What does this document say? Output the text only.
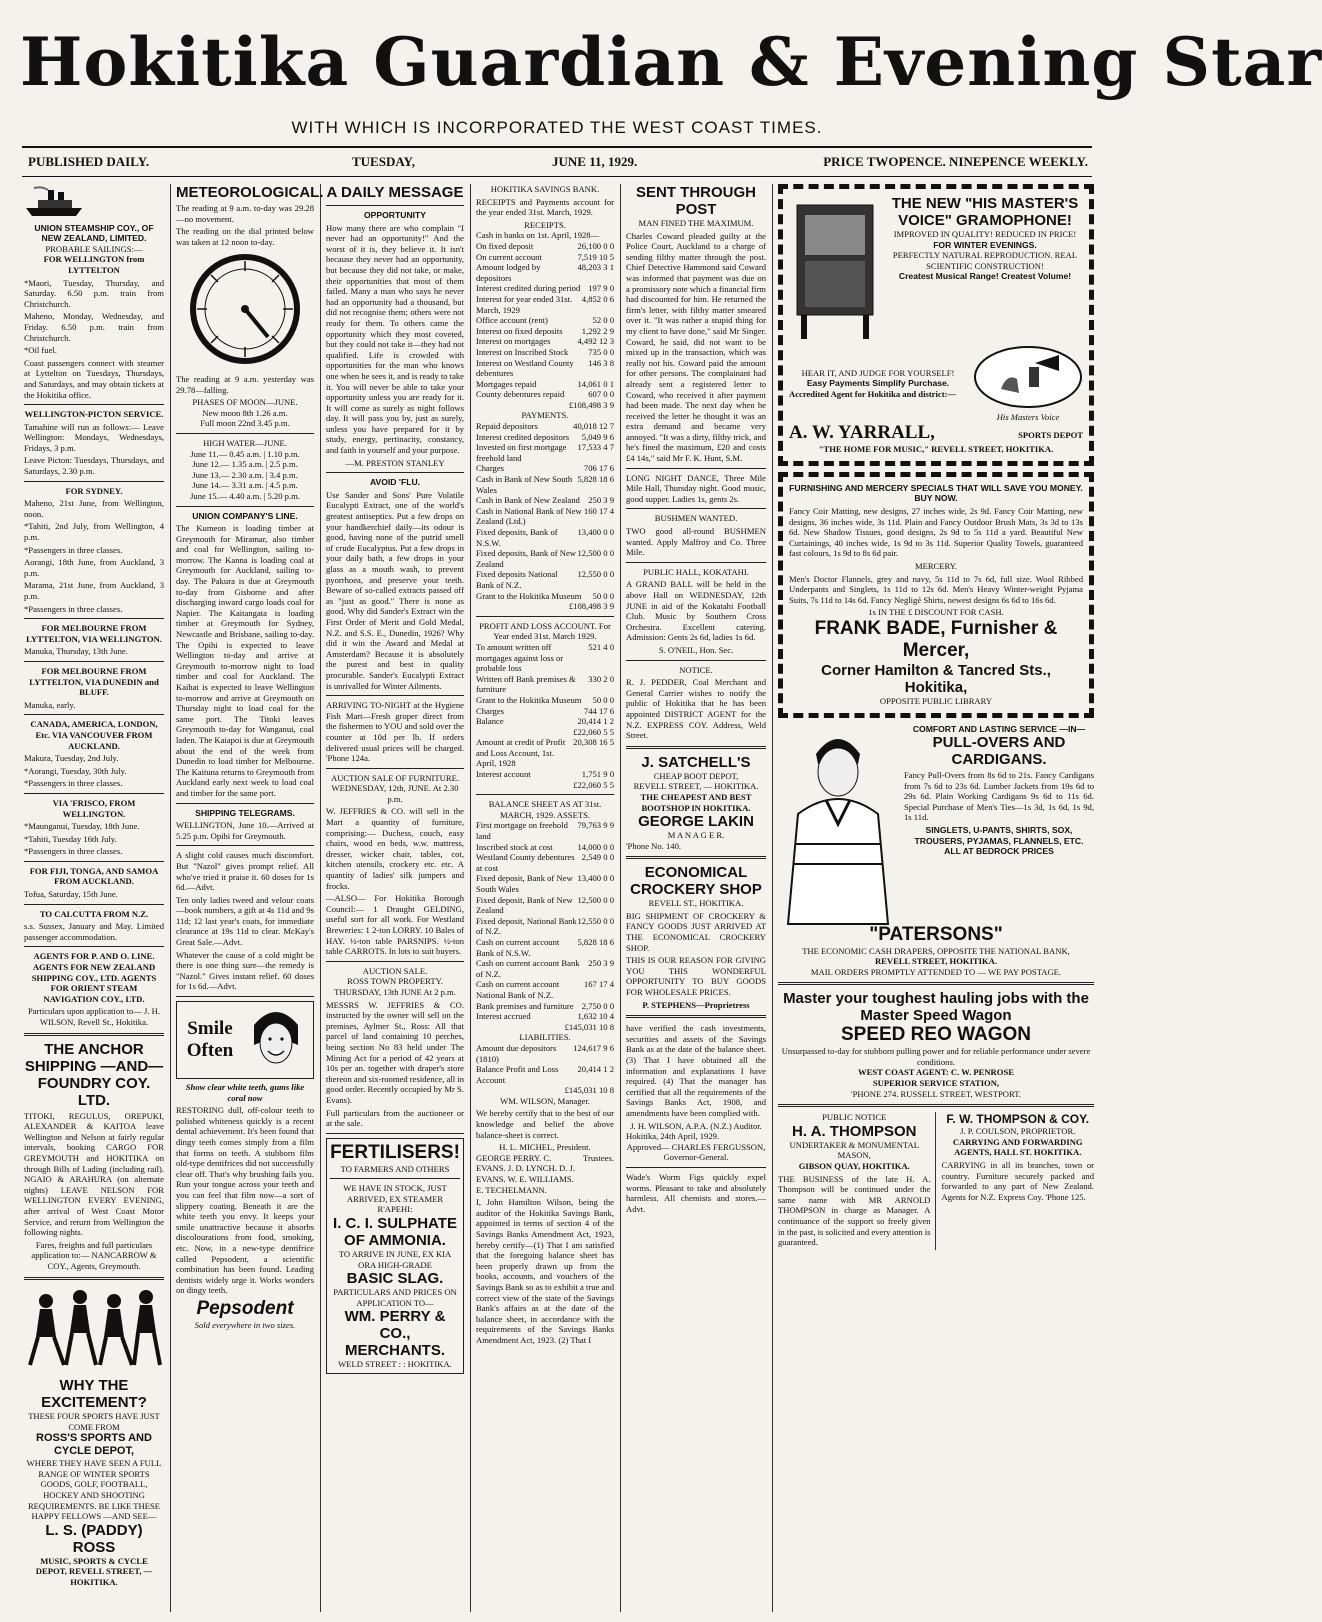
Hokitika Guardian & Evening Star
WITH WHICH IS INCORPORATED THE WEST COAST TIMES.
PUBLISHED DAILY.	TUESDAY,	JUNE 11, 1929.	PRICE TWOPENCE. NINEPENCE WEEKLY.
UNION STEAMSHIP COY., OF NEW ZEALAND, LIMITED.
PROBABLE SAILINGS:—
FOR WELLINGTON from LYTTELTON

*Maori, Tuesday, Thursday, and Saturday. 6.50 p.m. train from Christchurch.

Maheno, Monday, Wednesday, and Friday. 6.50 p.m. train from Christchurch.

*Oil fuel.

Coast passengers connect with steamer at Lyttelton on Tuesdays, Thursdays, and Saturdays, and may obtain tickets at the Hokitika office.

WELLINGTON-PICTON SERVICE.

Tamahine will run as follows:— Leave Wellington: Mondays, Wednesdays, Fridays, 3 p.m.

Leave Picton: Tuesdays, Thursdays, and Saturdays, 2.30 p.m.

FOR SYDNEY.

Maheno, 21st June, from Wellington, noon.

*Tahiti, 2nd July, from Wellington, 4 p.m.

*Passengers in three classes.

Aorangi, 18th June, from Auckland, 3 p.m.

Marama, 21st June, from Auckland, 3 p.m.

*Passengers in three classes.

FOR MELBOURNE FROM LYTTELTON, VIA WELLINGTON.

Manuka, Thursday, 13th June.

FOR MELBOURNE FROM LYTTELTON, VIA DUNEDIN and BLUFF.

Manuka, early.

CANADA, AMERICA, LONDON, Etc. VIA VANCOUVER FROM AUCKLAND.

Makura, Tuesday, 2nd July.

*Aorangi, Tuesday, 30th July.

*Passengers in three classes.

VIA 'FRISCO, FROM WELLINGTON.

*Maunganui, Tuesday, 18th June.

*Tahiti, Tuesday 16th July.

*Passengers in three classes.

FOR FIJI, TONGA, AND SAMOA FROM AUCKLAND.

Tofua, Saturday, 15th June.

TO CALCUTTA FROM N.Z.

s.s. Sussex, January and May. Limited passenger accommodation.

AGENTS FOR P. AND O. LINE. AGENTS FOR NEW ZEALAND SHIPPING COY., LTD. AGENTS FOR ORIENT STEAM NAVIGATION COY., LTD.

Particulars upon application to— J. H. WILSON, Revell St., Hokitika.

THE ANCHOR SHIPPING —AND— FOUNDRY COY. LTD.

TITOKI, REGULUS, OREPUKI, ALEXANDER & KAITOA leave Wellington and Nelson at fairly regular intervals, booking CARGO FOR GREYMOUTH and HOKITIKA on through Bills of Lading (including rail). NGAIO & ARAHURA (on alternate nights) LEAVE NELSON FOR WELLINGTON EVERY EVENING, after arrival of West Coast Motor Service, and return from Wellington the following nights.

Fares, freights and full particulars application to:— NANCARROW & COY., Agents, Greymouth.

WHY THE EXCITEMENT?
THESE FOUR SPORTS HAVE JUST COME FROM
ROSS'S SPORTS AND CYCLE DEPOT,
WHERE THEY HAVE SEEN A FULL RANGE OF WINTER SPORTS GOODS, GOLF, FOOTBALL, HOCKEY AND SHOOTING REQUIREMENTS. BE LIKE THESE HAPPY FELLOWS —AND SEE—
L. S. (PADDY) ROSS
MUSIC, SPORTS & CYCLE DEPOT, REVELL STREET, — HOKITIKA.
METEOROLOGICAL.

The reading at 9 a.m. to-day was 29.28—no movement.

The reading on the dial printed below was taken at 12 noon to-day.

The reading at 9 a.m. yesterday was 29.78—falling.

PHASES OF MOON—JUNE.
New moon 8th 1.26 a.m.
Full moon 22nd 3.45 p.m.
HIGH WATER—JUNE.
June 11.— 0.45 a.m. | 1.10 p.m.
June 12.— 1.35 a.m. | 2.5 p.m.
June 13.— 2.30 a.m. | 3.4 p.m.
June 14.— 3.31 a.m. | 4.5 p.m.
June 15.— 4.40 a.m. | 5.20 p.m.
UNION COMPANY'S LINE.

The Kumeon is loading timber at Greymouth for Miramar, also timber and coal for Wellington, sailing to-morrow. The Kanna is loading coal at Greymouth for Auckland, sailing to-day. The Pakura is due at Greymouth to-day from Gisborne and after discharging inward cargo loads coal for Napier. The Kaitangata is loading timber at Greymouth for Sydney, Newcastle and Brisbane, sailing to-day. The Opihi is expected to leave Wellington to-day and arrive at Greymouth to-morrow night to load timber and coal for Auckland. The Kaihai is expected to leave Wellington to-morrow and arrive at Greymouth on Thursday night to load coal for the same port. The Titoki leaves Greymouth to-day for Wanganui, coal laden. The Kaiapoi is due at Greymouth about the end of the week from Dunedin to load timber for Melbourne. The Kaituna returns to Greymouth from Auckland early next week to load coal and timber for the same port.

SHIPPING TELEGRAMS.

WELLINGTON, June 10.—Arrived at 5.25 p.m. Opihi for Greymouth.

A slight cold causes much discomfort. But "Nazol" gives prompt relief. All who've tried it praise it. 60 doses for 1s 6d.—Advt.

Ten only ladies tweed and velour coats—book numbers, a gift at 4s 11d and 9s 11d; 12 last year's coats, for immediate clearance at 19s 11d to clear. McKay's Great Sale.—Advt.

Whatever the cause of a cold might be there is one thing sure—the remedy is "Nazol." Gives instant relief. 60 doses for 1s 6d.—Advt.

Smile Often
Show clear white teeth, gums like coral now

RESTORING dull, off-colour teeth to polished whiteness quickly is a recent dental achievement. It's been found that dingy teeth comes simply from a film that forms on teeth. A stubborn film old-type dentifrices did not successfully clear off. That's why brushing fails you. Run your tongue across your teeth and you can feel that film now—a sort of slippery coating. Beneath it are the white teeth you envy. It keeps your smile unattractive because it absorbs discolourations from food, smoking, etc. Now, in a new-type dentifrice called Pepsodent, a scientific combination has been found. Leading dentists widely urge it. Works wonders on dingy teeth.

Pepsodent
Sold everywhere in two sizes.
A DAILY MESSAGE
OPPORTUNITY

How many there are who complain "I never had an opportunity!" And the worst of it is, they believe it. It isn't because they never had an opportunity, but because they did not take, or make, their opportunities that most of them failed. Many a man who says he never had an opportunity had a thousand, but did not recognise them; others were not ready for them. To others came the opportunity which they most coveted, but they could not take it—they had not qualified. Life is crowded with opportunities for the man who knows one when he sees it, and is ready to take it. You will never be able to take your opportunity unless you are ready for it. It will come as surely as night follows day. It will pass you by, just as surely, unless you have prepared for it by study, energy, pertinacity, constancy, and faith in yourself and your purpose.

—M. PRESTON STANLEY
AVOID 'FLU.

Use Sander and Sons' Pure Volatile Eucalypti Extract, one of the world's greatest antiseptics. Put a few drops on your handkerchief daily—its odour is good, having none of the putrid smell of crude Eucalyptus. Put a few drops in your daily bath, a few drops in your glass as a mouth wash, to prevent pyorrhoea, and preserve your teeth. Beware of so-called extracts passed off as "just as good." There is none as good. Why did Sander's Extract win the First Order of Merit and Gold Medal, N.Z. and S.S. E., Dunedin, 1926? Why did it win the Award and Medal at Amsterdam? Because it is absolutely the purest and best in quality procurable. Sander's Eucalypti Extract is unrivalled for Winter Ailments.

ARRIVING TO-NIGHT at the Hygiene Fish Mart—Fresh groper direct from the fishermen to YOU and sold over the counter at 10d per lb. If orders delivered usual prices will be charged. 'Phone 124a.

AUCTION SALE OF FURNITURE.
WEDNESDAY, 12th, JUNE. At 2.30 p.m.

W. JEFFRIES & CO. will sell in the Mart a quantity of furniture, comprising:— Duchess, couch, easy chairs, wood en beds, w.w. mattress, dresser, wicker chair, tables, cot, kitchen utensils, crockery etc. etc. A quantity of ladies' silk jumpers and frocks.

—ALSO— For Hokitika Borough Council:— 1 Draught GELDING, useful sort for all work. For Westland Breweries: 1 2-ton LORRY. 10 Bales of HAY. ½-ton table PARSNIPS. ½-ton table CARROTS. In lots to suit buyers.

AUCTION SALE.
ROSS TOWN PROPERTY.
THURSDAY, 13th JUNE At 2 p.m.

MESSRS W. JEFFRIES & CO. instructed by the owner will sell on the premises, Aylmer St., Ross: All that parcel of land containing 10 perches, being section No 83 held under The Mining Act for a period of 42 years at 10s per an. together with draper's store thereon and six-roomed residence, all in good order. Recently occupied by Mr S. Evans).

Full particulars from the auctioneer or at the sale.

FERTILISERS!
TO FARMERS AND OTHERS
WE HAVE IN STOCK, JUST ARRIVED, EX STEAMER R'APEHI:
I. C. I. SULPHATE OF AMMONIA.
TO ARRIVE IN JUNE, EX KIA ORA HIGH-GRADE
BASIC SLAG.
PARTICULARS AND PRICES ON APPLICATION TO—
WM. PERRY & CO., MERCHANTS.
WELD STREET : : HOKITIKA.
HOKITIKA SAVINGS BANK.

RECEIPTS and Payments account for the year ended 31st. March, 1929.

RECEIPTS.
Cash in banks on 1st. April, 1928—
On fixed deposit	26,100 0 0
On current account	7,519 10 5
Amount lodged by depositors
48,203 3 1
Interest credited during period 197 9 0
Interest for year ended 31st. March, 1929
4,852 0 6
Office account (rent)	52 0 0
Interest on fixed deposits 1,292 2 9
Interest on mortgages	4,492 12 3
Interest on Inscribed Stock 735 0 0
Interest on Westland County debentures
146 3 8
Mortgages repaid	14,061 0 1
County debentures repaid	607 0 0
£108,498 3 9
PAYMENTS.
Repaid depositors	40,018 12 7
Interest credited depositors 5,049 9 6
Invested on first mortgage freehold land
17,533 4 7
Charges	706 17 6
Cash in Bank of New South Wales
5,828 18 6
Cash in Bank of New Zealand 250 3 9
Cash in National Bank of New Zealand (Ltd.)
160 17 4
Fixed deposits, Bank of N.S.W.
13,400 0 0
Fixed deposits, Bank of New Zealand
12,500 0 0
Fixed deposits National Bank of N.Z.
12,550 0 0
Grant to the Hokitika Museum 50 0 0
£108,498 3 9
PROFIT AND LOSS ACCOUNT. For Year ended 31st. March 1929.
To amount written off mortgages against loss or probable loss
521 4 0
Written off Bank premises & furniture
330 2 0
Grant to the Hokitika Museum 50 0 0
Charges	744 17 6
Balance	20,414 1 2
£22,060 5 5
Amount at credit of Profit and Loss Account, 1st. April, 1928
20,308 16 5
Interest account	1,751 9 0
£22,060 5 5
BALANCE SHEET AS AT 31st. MARCH, 1929. ASSETS.
First mortgage on freehold land
79,763 9 9
Inscribed stock at cost	14,000 0 0
Westland County debentures at cost
2,549 0 0
Fixed deposit, Bank of New South Wales
13,400 0 0
Fixed deposit, Bank of New Zealand
12,500 0 0
Fixed deposit, National Bank of N.Z.
12,550 0 0
Cash on current account Bank of N.S.W.
5,828 18 6
Cash on current account Bank of N.Z.
250 3 9
Cash on current account National Bank of N.Z.
167 17 4
Bank premises and furniture 2,750 0 0
Interest accrued	1,632 10 4
£145,031 10 8
LIABILITIES.
Amount due depositors (1810)
124,617 9 6
Balance Profit and Loss Account
20,414 1 2
£145,031 10 8
WM. WILSON, Manager.

We hereby certify that to the best of our knowledge and belief the above balance-sheet is correct.

H. L. MICHEL, President.
GEORGE PERRY. C. EVANS. J. D. LYNCH. D. J. EVANS. W. E. WILLIAMS. E. TECHELMANN.
Trustees.

I, John Hamilton Wilson, being the auditor of the Hokitika Savings Bank, appointed in terms of section 4 of the Savings Banks Amendment Act, 1923, hereby certify—(1) That I am satisfied that the foregoing balance sheet has been properly drawn up from the books, accounts, and vouchers of the Savings Bank so as to exhibit a true and correct view of the state of the Savings Bank's affairs as at the date of the balance sheet, in accordance with the requirements of the Savings Banks Amendment Act, 1923. (2) That I

SENT THROUGH POST
MAN FINED THE MAXIMUM.

Charles Coward pleaded guilty at the Police Court, Auckland to a charge of sending filthy matter through the post. Chief Detective Hammond said Coward was informed that payment was due on a promissory note which a financial firm had discounted for him. He returned the firm's letter, with filthy matter smeared over it. "It was rather a stupid thing for my client to have done," said Mr Singer. Coward, he said, did not want to be mixed up in the transaction, which was really not his. Coward paid the amount for other persons. The complainant had already sent a registered letter to Coward, who received it after payment had been made. The next day when he received the letter he thought it was an extra demand and became very annoyed. "It was a dirty, filthy trick, and he's fined the maximum, £20 and costs £4 14s," said Mr F. K. Hunt, S.M.

LONG NIGHT DANCE, Three Mile Mile Hall, Thursday night. Good music, good supper. Ladies 1s, gents 2s.

BUSHMEN WANTED.

TWO good all-round BUSHMEN wanted. Apply Malfroy and Co. Three Mile.

PUBLIC HALL, KOKATAHI.

A GRAND BALL will be held in the above Hall on WEDNESDAY, 12th JUNE in aid of the Kokatahi Football Club. Music by Southern Cross Orchestra. Excellent catering. Admission: Gents 2s 6d, ladies 1s 6d.

S. O'NEIL, Hon. Sec.
NOTICE.

R. J. PEDDER, Coal Merchant and General Carrier wishes to notify the public of Hokitika that he has been appointed DISTRICT AGENT for the N.Z. EXPRESS COY. Address, Weld Street.

J. SATCHELL'S
CHEAP BOOT DEPOT,
REVELL STREET, — HOKITIKA.
THE CHEAPEST AND BEST BOOTSHOP IN HOKITIKA.
GEORGE LAKIN
M A N A G E R.
'Phone No. 140.
ECONOMICAL CROCKERY SHOP
REVELL ST., HOKITIKA.

BIG SHIPMENT OF CROCKERY & FANCY GOODS JUST ARRIVED AT THE ECONOMICAL CROCKERY SHOP.

THIS IS OUR REASON FOR GIVING YOU THIS WONDERFUL OPPORTUNITY TO BUY GOODS FOR WHOLESALE PRICES.

P. STEPHENS—Proprietress

have verified the cash investments, securities and assets of the Savings Bank as at the date of the balance sheet. (3) That I have obtained all the information and explanations I have required. (4) That the manager has certified that all the requirements of the Savings Banks Act, 1908, and amendments have been complied with.

J. H. WILSON, A.P.A. (N.Z.) Auditor.
Hokitika, 24th April, 1929.
Approved— CHARLES FERGUSSON, Governor-General.

Wade's Worm Figs quickly expel worms. Pleasant to take and absolutely harmless. All chemists and stores.—Advt.

THE NEW "HIS MASTER'S VOICE" GRAMOPHONE!
IMPROVED IN QUALITY! REDUCED IN PRICE!
FOR WINTER EVENINGS.
PERFECTLY NATURAL REPRODUCTION. REAL SCIENTIFIC CONSTRUCTION!
Createst Musical Range! Createst Volume!
HEAR IT, AND JUDGE FOR YOURSELF!
Easy Payments Simplify Purchase.
Accredited Agent for Hokitika and district:—
His Masters Voice
A. W. YARRALL,	SPORTS DEPOT
"THE HOME FOR MUSIC," REVELL STREET, HOKITIKA.
FURNISHING AND MERCERY SPECIALS THAT WILL SAVE YOU MONEY. BUY NOW.

Fancy Coir Matting, new designs, 27 inches wide, 2s 9d. Fancy Coir Matting, new designs, 36 inches wide, 3s 11d. Plain and Fancy Outdoor Brush Mats, 3s 3d to 13s 6d. New Shadow Tissues, good designs, 2s 9d to 5s 11d a yard. Beautiful New Curtainings, 40 inches wide, 1s 9d to 3s 11d. Superior Quality Towels, guaranteed fast colours, 1s 9d to 8s 6d pair.

MERCERY.

Men's Doctor Flannels, grey and navy, 5s 11d to 7s 6d, full size. Wool Ribbed Underpants and Singlets, 1s 11d to 12s 6d. Men's Heavy Winter-weight Pyjama Suits, 7s 11d to 14s 6d. Fancy Negligé Shirts, newest designs 6s 6d to 16s 6d.

1s IN THE £ DISCOUNT FOR CASH.
FRANK BADE, Furnisher & Mercer,
Corner Hamilton & Tancred Sts., Hokitika,
OPPOSITE PUBLIC LIBRARY
COMFORT AND LASTING SERVICE —IN—
PULL-OVERS AND CARDIGANS.

Fancy Pull-Overs from 8s 6d to 21s. Fancy Cardigans from 7s 6d to 23s 6d. Lumber Jackets from 19s 6d to 29s 6d. Plain Working Cardigans 9s 6d to 11s 6d. Special Purchase of Men's Ties—1s 3d, 1s 6d, 1s 9d, 1s 11d.

SINGLETS, U-PANTS, SHIRTS, SOX, TROUSERS, PYJAMAS, FLANNELS, ETC.
ALL AT BEDROCK PRICES
"PATERSONS"
THE ECONOMIC CASH DRAPERS, OPPOSITE THE NATIONAL BANK,
REVELL STREET, HOKITIKA.
MAIL ORDERS PROMPTLY ATTENDED TO — WE PAY POSTAGE.
Master your toughest hauling jobs with the Master Speed Wagon
SPEED REO WAGON
Unsurpassed to-day for stubborn pulling power and for reliable performance under severe conditions.
WEST COAST AGENT: C. W. PENROSE
SUPERIOR SERVICE STATION,
'PHONE 274. RUSSELL STREET, WESTPORT.
PUBLIC NOTICE
H. A. THOMPSON
UNDERTAKER & MONUMENTAL MASON,
GIBSON QUAY, HOKITIKA.

THE BUSINESS of the late H. A. Thompson will be continued under the same name with MR ARNOLD THOMPSON in charge as Manager. A continuance of the support so freely given in the past, is solicited and every attention is guaranteed.

F. W. THOMPSON & COY.
J. P. COULSON, PROPRIETOR.
CARRYING AND FORWARDING AGENTS, HALL ST. HOKITIKA.

CARRYING in all its branches, town or country. Furniture securely packed and forwarded to any part of New Zealand. Agents for N.Z. Express Coy. 'Phone 125.
